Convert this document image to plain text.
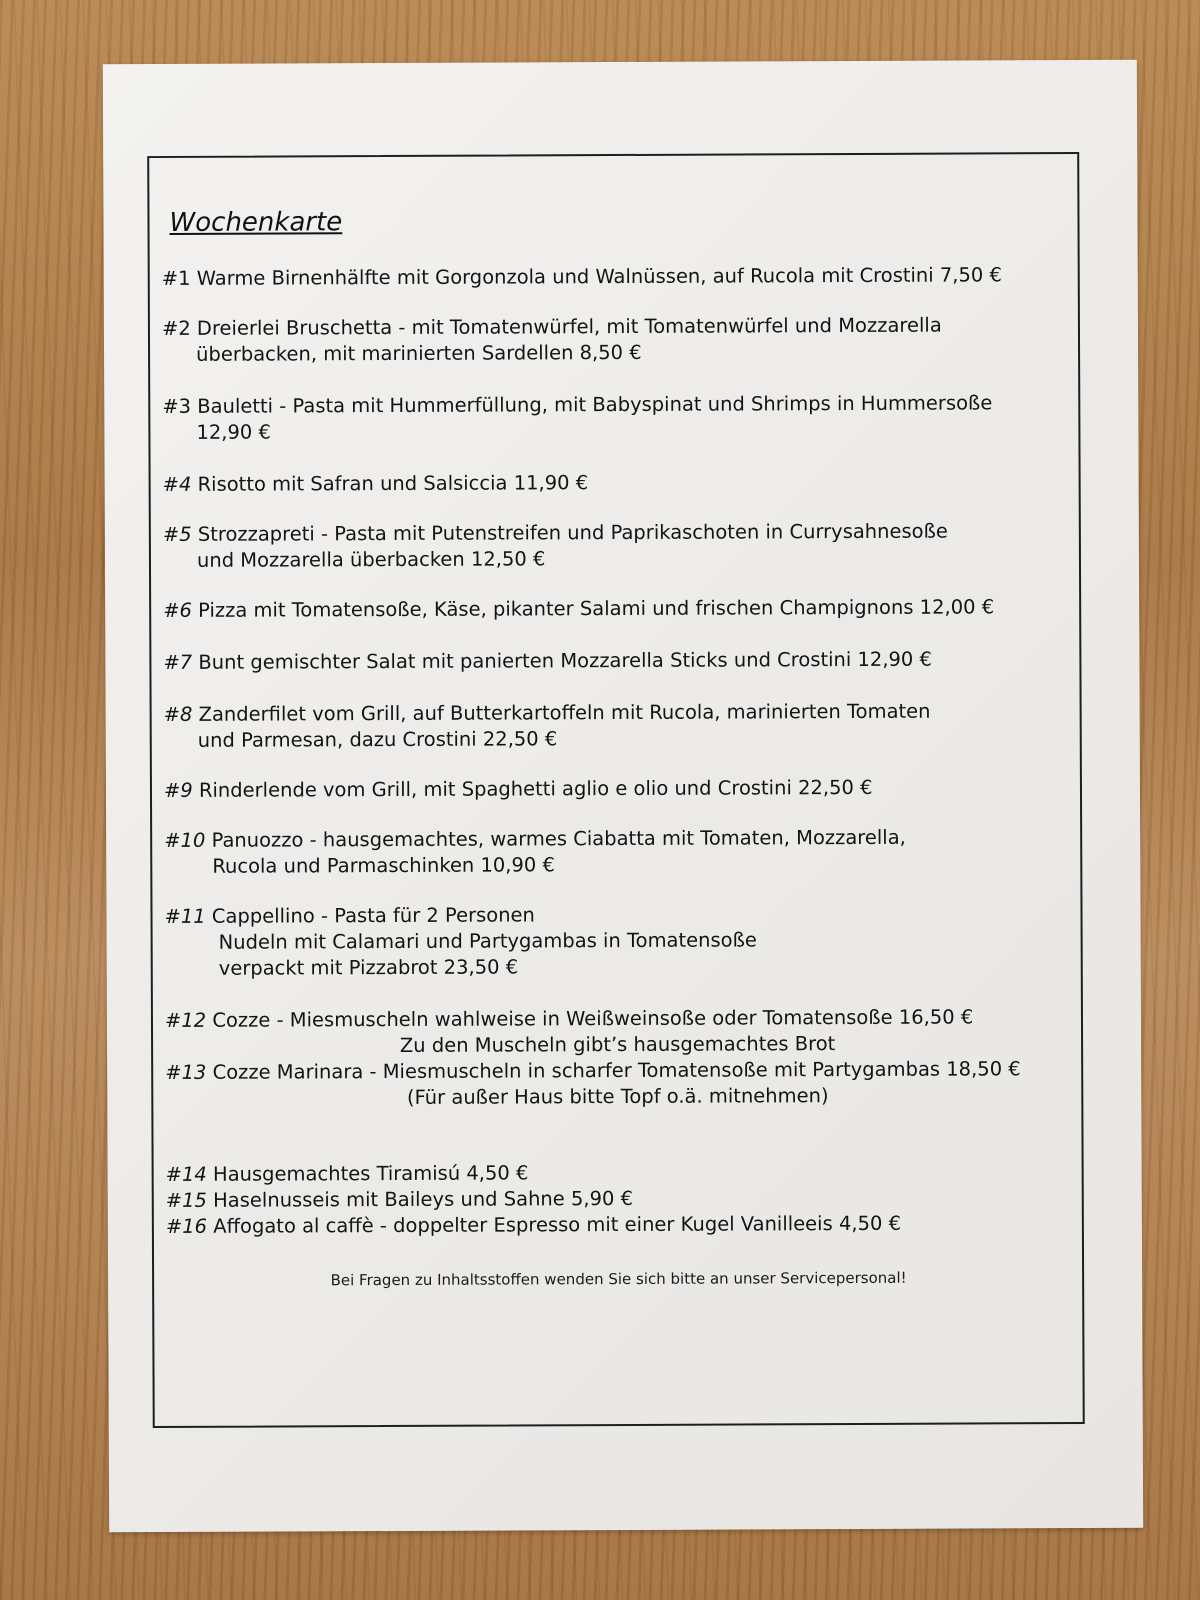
Wochenkarte
#1 Warme Birnenhälfte mit Gorgonzola und Walnüssen, auf Rucola mit Crostini 7,50 €
#2 Dreierlei Bruschetta - mit Tomatenwürfel, mit Tomatenwürfel und Mozzarella
überbacken, mit marinierten Sardellen 8,50 €
#3 Bauletti - Pasta mit Hummerfüllung, mit Babyspinat und Shrimps in Hummersoße
12,90 €
#4 Risotto mit Safran und Salsiccia 11,90 €
#5 Strozzapreti - Pasta mit Putenstreifen und Paprikaschoten in Currysahnesoße
und Mozzarella überbacken 12,50 €
#6 Pizza mit Tomatensoße, Käse, pikanter Salami und frischen Champignons 12,00 €
#7 Bunt gemischter Salat mit panierten Mozzarella Sticks und Crostini 12,90 €
#8 Zanderfilet vom Grill, auf Butterkartoffeln mit Rucola, marinierten Tomaten
und Parmesan, dazu Crostini 22,50 €
#9 Rinderlende vom Grill, mit Spaghetti aglio e olio und Crostini 22,50 €
#10 Panuozzo - hausgemachtes, warmes Ciabatta mit Tomaten, Mozzarella,
Rucola und Parmaschinken 10,90 €
#11 Cappellino - Pasta für 2 Personen
Nudeln mit Calamari und Partygambas in Tomatensoße
verpackt mit Pizzabrot 23,50 €
#12 Cozze - Miesmuscheln wahlweise in Weißweinsoße oder Tomatensoße 16,50 €
Zu den Muscheln gibt’s hausgemachtes Brot
#13 Cozze Marinara - Miesmuscheln in scharfer Tomatensoße mit Partygambas 18,50 €
(Für außer Haus bitte Topf o.ä. mitnehmen)
#14 Hausgemachtes Tiramisú 4,50 €
#15 Haselnusseis mit Baileys und Sahne 5,90 €
#16 Affogato al caffè - doppelter Espresso mit einer Kugel Vanilleeis 4,50 €
Bei Fragen zu Inhaltsstoffen wenden Sie sich bitte an unser Servicepersonal!
